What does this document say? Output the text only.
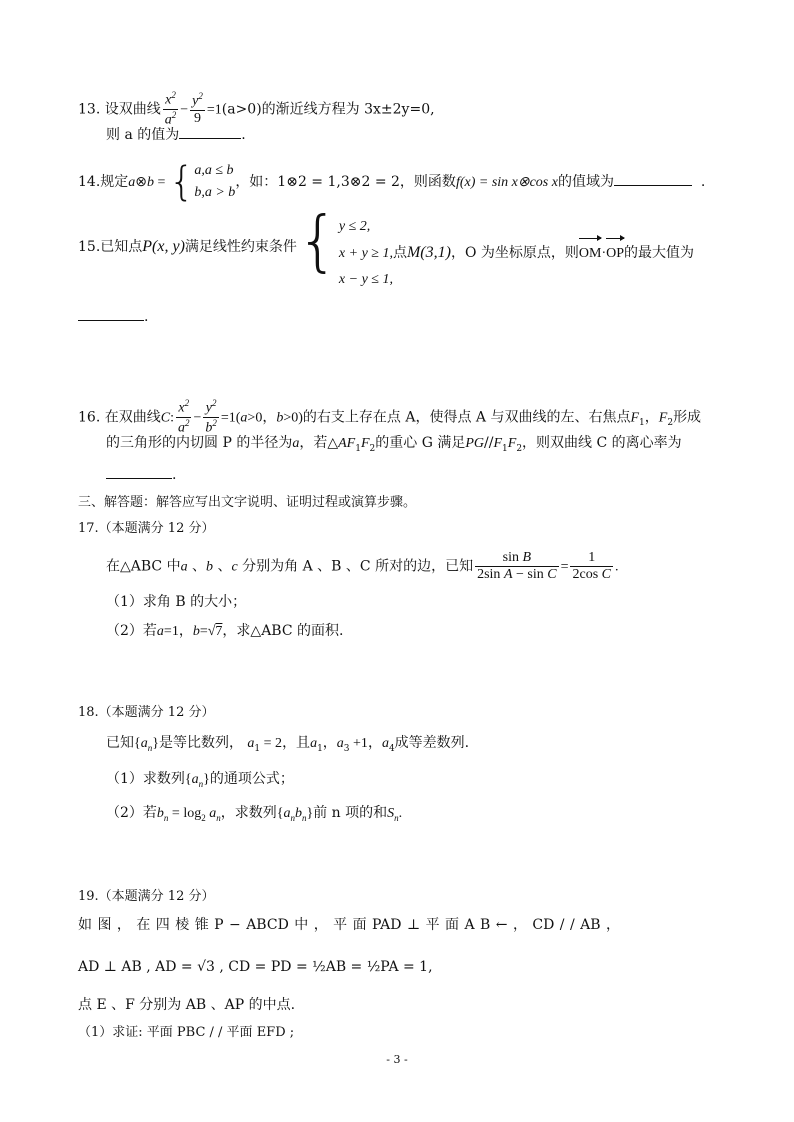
13. 设双曲线 $\frac{x^2}{a^2} - \frac{y^2}{9} =1(a>0)$的渐近线方程为 3x±2y=0,
则 a 的值为	.
14.规定a⊗b = { a,a ≤ b
b,a > b
，如：1⊗2 = 1,3⊗2 = 2，则函数f(x) = sin x⊗cos x的值域为	.
15.已知点P(x, y)满足线性约束条件{ y ≤ 2,
x + y ≥ 1,点M(3,1)，O 为坐标原点，则OM·OP的最大值为
x − y ≤ 1,
.
16. 在双曲线C: $\frac{x^2}{a^2} - \frac{y^2}{b^2} =1(a>0$，b>0)的右支上存在点 A，使得点 A 与双曲线的左、右焦点$F_1$，$F_2$形成
的三角形的内切圆 P 的半径为a，若$\triangle AF_1F_2$的重心 G 满足$PG//F_1F_2$，则双曲线 C 的离心率为
.
三、解答题：解答应写出文字说明、证明过程或演算步骤。
17.（本题满分 12 分）
在△ABC 中a 、b 、c 分别为角 A 、B 、C 所对的边，已知 $\frac{\text{sin B}}{\text{2sin A − sin C}} = \frac{1}{\text{2cos C}}$ .
（1）求角 B 的大小；
（2）若a=1，b=√7，求△ABC 的面积.
18.（本题满分 12 分）
已知$\{a_n\}$是等比数列， $a_1 = 2$，且$a_1$，$a_3 +1$，$a_4$成等差数列.
（1）求数列$\{a_n\}$的通项公式；
（2）若$b_n = \log_2 a_n$，求数列$\{a_nb_n\}$前 n 项的和$S_n$.
19.（本题满分 12 分）
如 图 ， 在 四 棱 锥 P − ABCD 中 ， 平 面 PAD ⊥ 平 面 A B ← ， CD / / AB ，
AD ⊥ AB , AD = √3 , CD = PD = ½AB = ½PA = 1,
点 E 、F 分别为 AB 、AP 的中点.
（1）求证: 平面 PBC / / 平面 EFD ;
- 3 -
